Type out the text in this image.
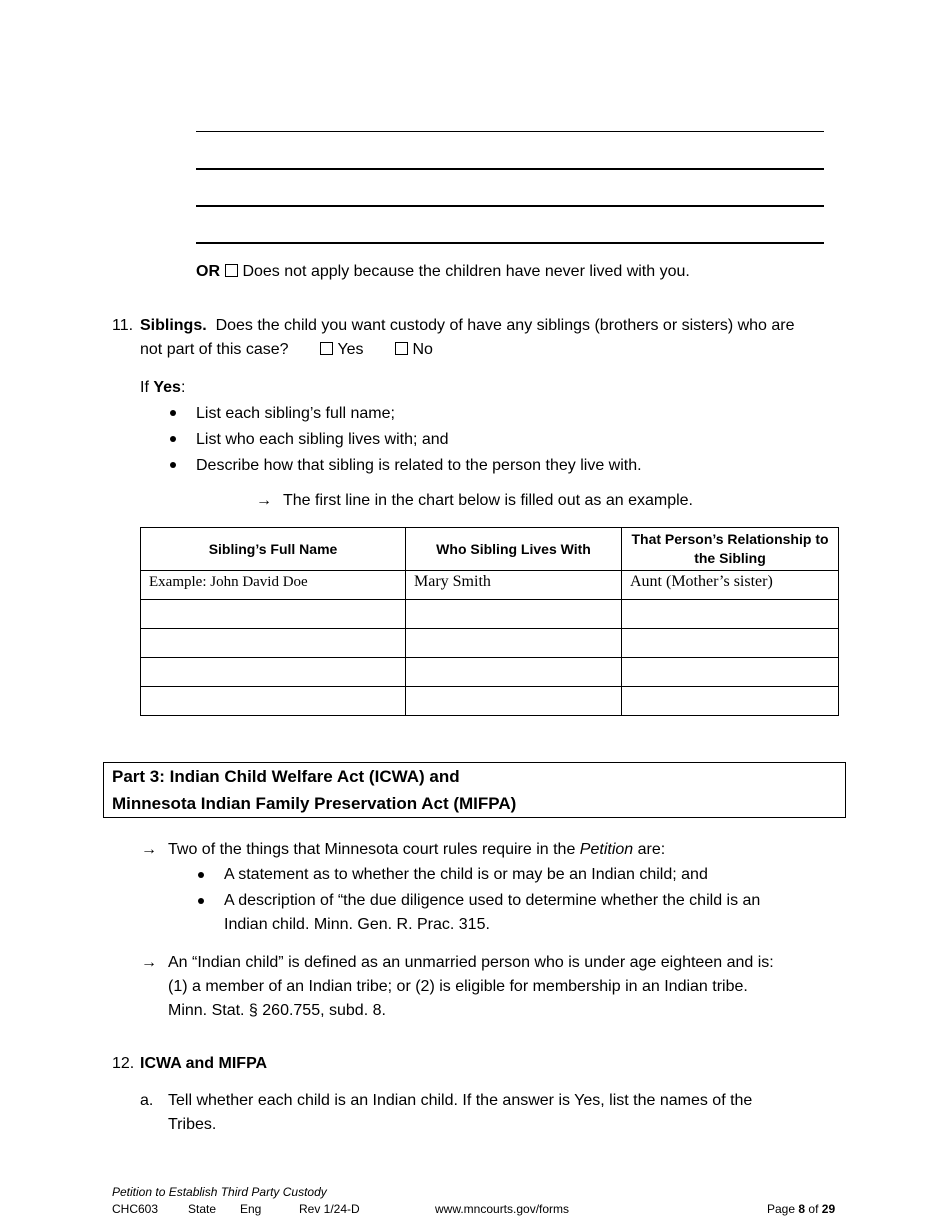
OR Does not apply because the children have never lived with you.
11. Siblings. Does the child you want custody of have any siblings (brothers or sisters) who are
not part of this case?	Yes	No
If Yes:
List each sibling’s full name;
List who each sibling lives with; and
Describe how that sibling is related to the person they live with.
→ The first line in the chart below is filled out as an example.
Sibling’s Full Name	Who Sibling Lives With	That Person’s Relationship to the Sibling
Example: John David Doe	Mary Smith	Aunt (Mother’s sister)

Part 3: Indian Child Welfare Act (ICWA) and
Minnesota Indian Family Preservation Act (MIFPA)
→ Two of the things that Minnesota court rules require in the Petition are:
A statement as to whether the child is or may be an Indian child; and
A description of “the due diligence used to determine whether the child is an
Indian child. Minn. Gen. R. Prac. 315.
→ An “Indian child” is defined as an unmarried person who is under age eighteen and is:
(1) a member of an Indian tribe; or (2) is eligible for membership in an Indian tribe.
Minn. Stat. § 260.755, subd. 8.
12. ICWA and MIFPA
a. Tell whether each child is an Indian child. If the answer is Yes, list the names of the
Tribes.
Petition to Establish Third Party Custody
CHC603 State Eng	Rev 1/24-D	www.mncourts.gov/forms	Page 8 of 29
